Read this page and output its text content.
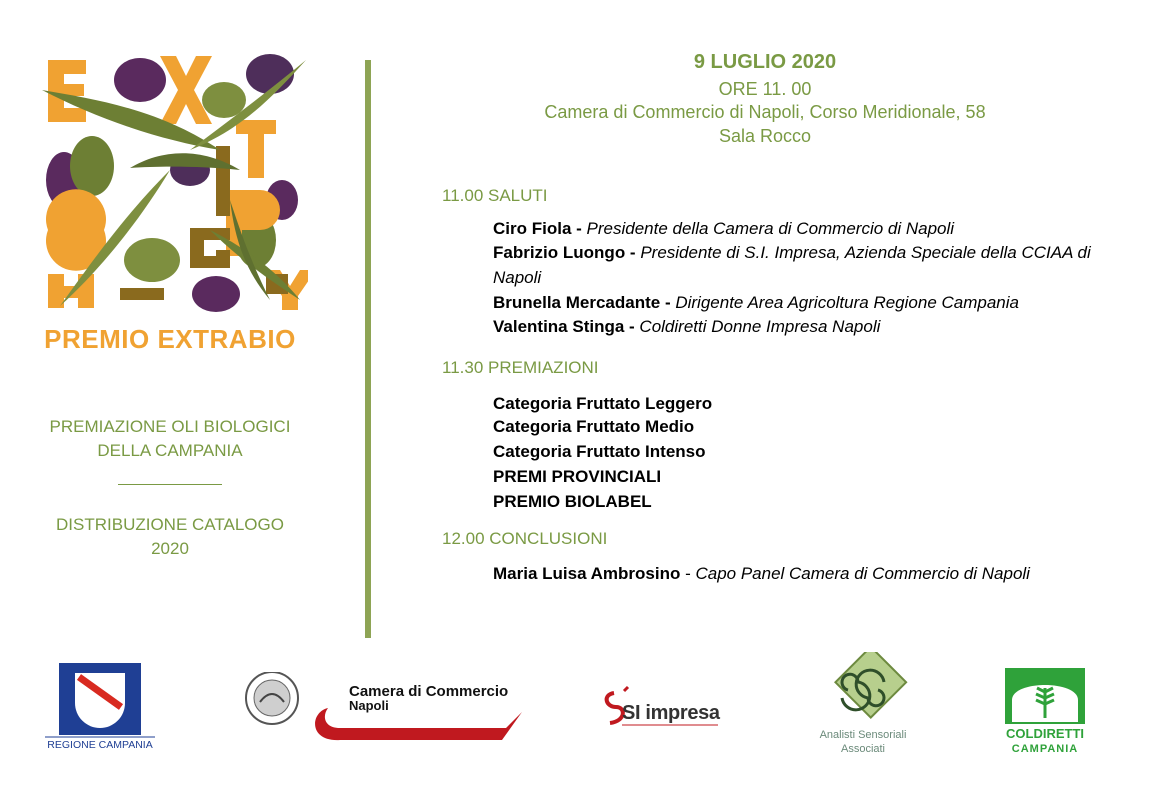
PREMIO EXTRABIO
PREMIAZIONE OLI BIOLOGICI
DELLA CAMPANIA
DISTRIBUZIONE CATALOGO
2020
9 LUGLIO 2020
ORE 11. 00
Camera di Commercio di Napoli, Corso Meridionale, 58
Sala Rocco
11.00 SALUTI
Ciro Fiola - Presidente della Camera di Commercio di Napoli
Fabrizio Luongo - Presidente di S.I. Impresa, Azienda Speciale della CCIAA di Napoli
Brunella Mercadante - Dirigente Area Agricoltura Regione Campania
Valentina Stinga - Coldiretti Donne Impresa Napoli
11.30 PREMIAZIONI
Categoria Fruttato Leggero
Categoria Fruttato Medio
Categoria Fruttato Intenso
PREMI PROVINCIALI
PREMIO BIOLABEL
12.00 CONCLUSIONI
Maria Luisa Ambrosino - Capo Panel Camera di Commercio di Napoli
REGIONE CAMPANIA
Camera di Commercio
Napoli	SI impresa
Analisti Sensoriali
Associati
COLDIRETTI
CAMPANIA
